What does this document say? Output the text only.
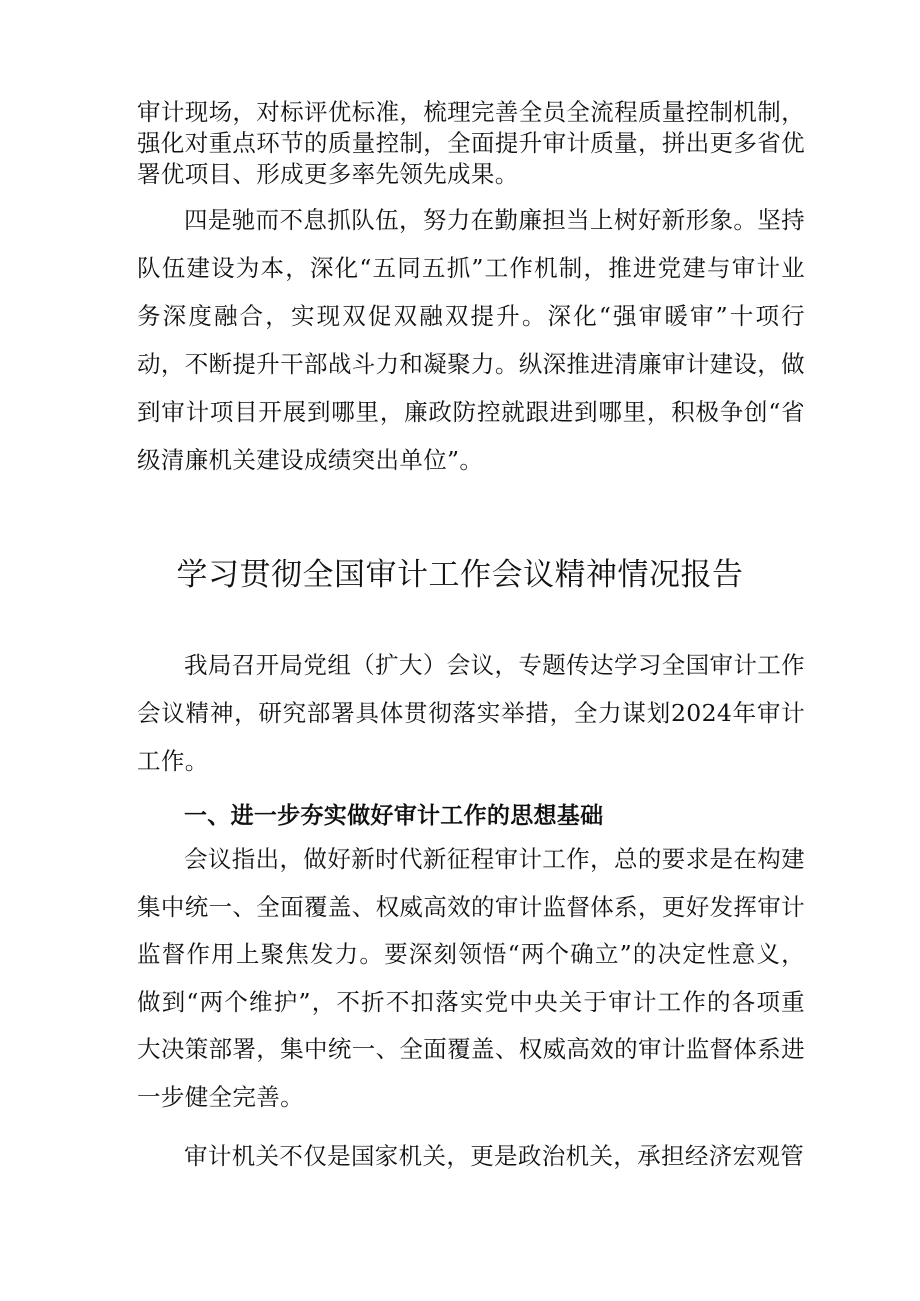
审计现场，对标评优标准，梳理完善全员全流程质量控制机制，强化对重点环节的质量控制，全面提升审计质量，拼出更多省优署优项目、形成更多率先领先成果。

四是驰而不息抓队伍，努力在勤廉担当上树好新形象。坚持队伍建设为本，深化“五同五抓”工作机制，推进党建与审计业务深度融合，实现双促双融双提升。深化“强审暖审”十项行动，不断提升干部战斗力和凝聚力。纵深推进清廉审计建设，做到审计项目开展到哪里，廉政防控就跟进到哪里，积极争创“省级清廉机关建设成绩突出单位”。

学习贯彻全国审计工作会议精神情况报告

我局召开局党组（扩大）会议，专题传达学习全国审计工作会议精神，研究部署具体贯彻落实举措，全力谋划2024年审计工作。

一、进一步夯实做好审计工作的思想基础

会议指出，做好新时代新征程审计工作，总的要求是在构建集中统一、全面覆盖、权威高效的审计监督体系，更好发挥审计监督作用上聚焦发力。要深刻领悟“两个确立”的决定性意义，做到“两个维护”，不折不扣落实党中央关于审计工作的各项重大决策部署，集中统一、全面覆盖、权威高效的审计监督体系进一步健全完善。

审计机关不仅是国家机关，更是政治机关，承担经济宏观管
